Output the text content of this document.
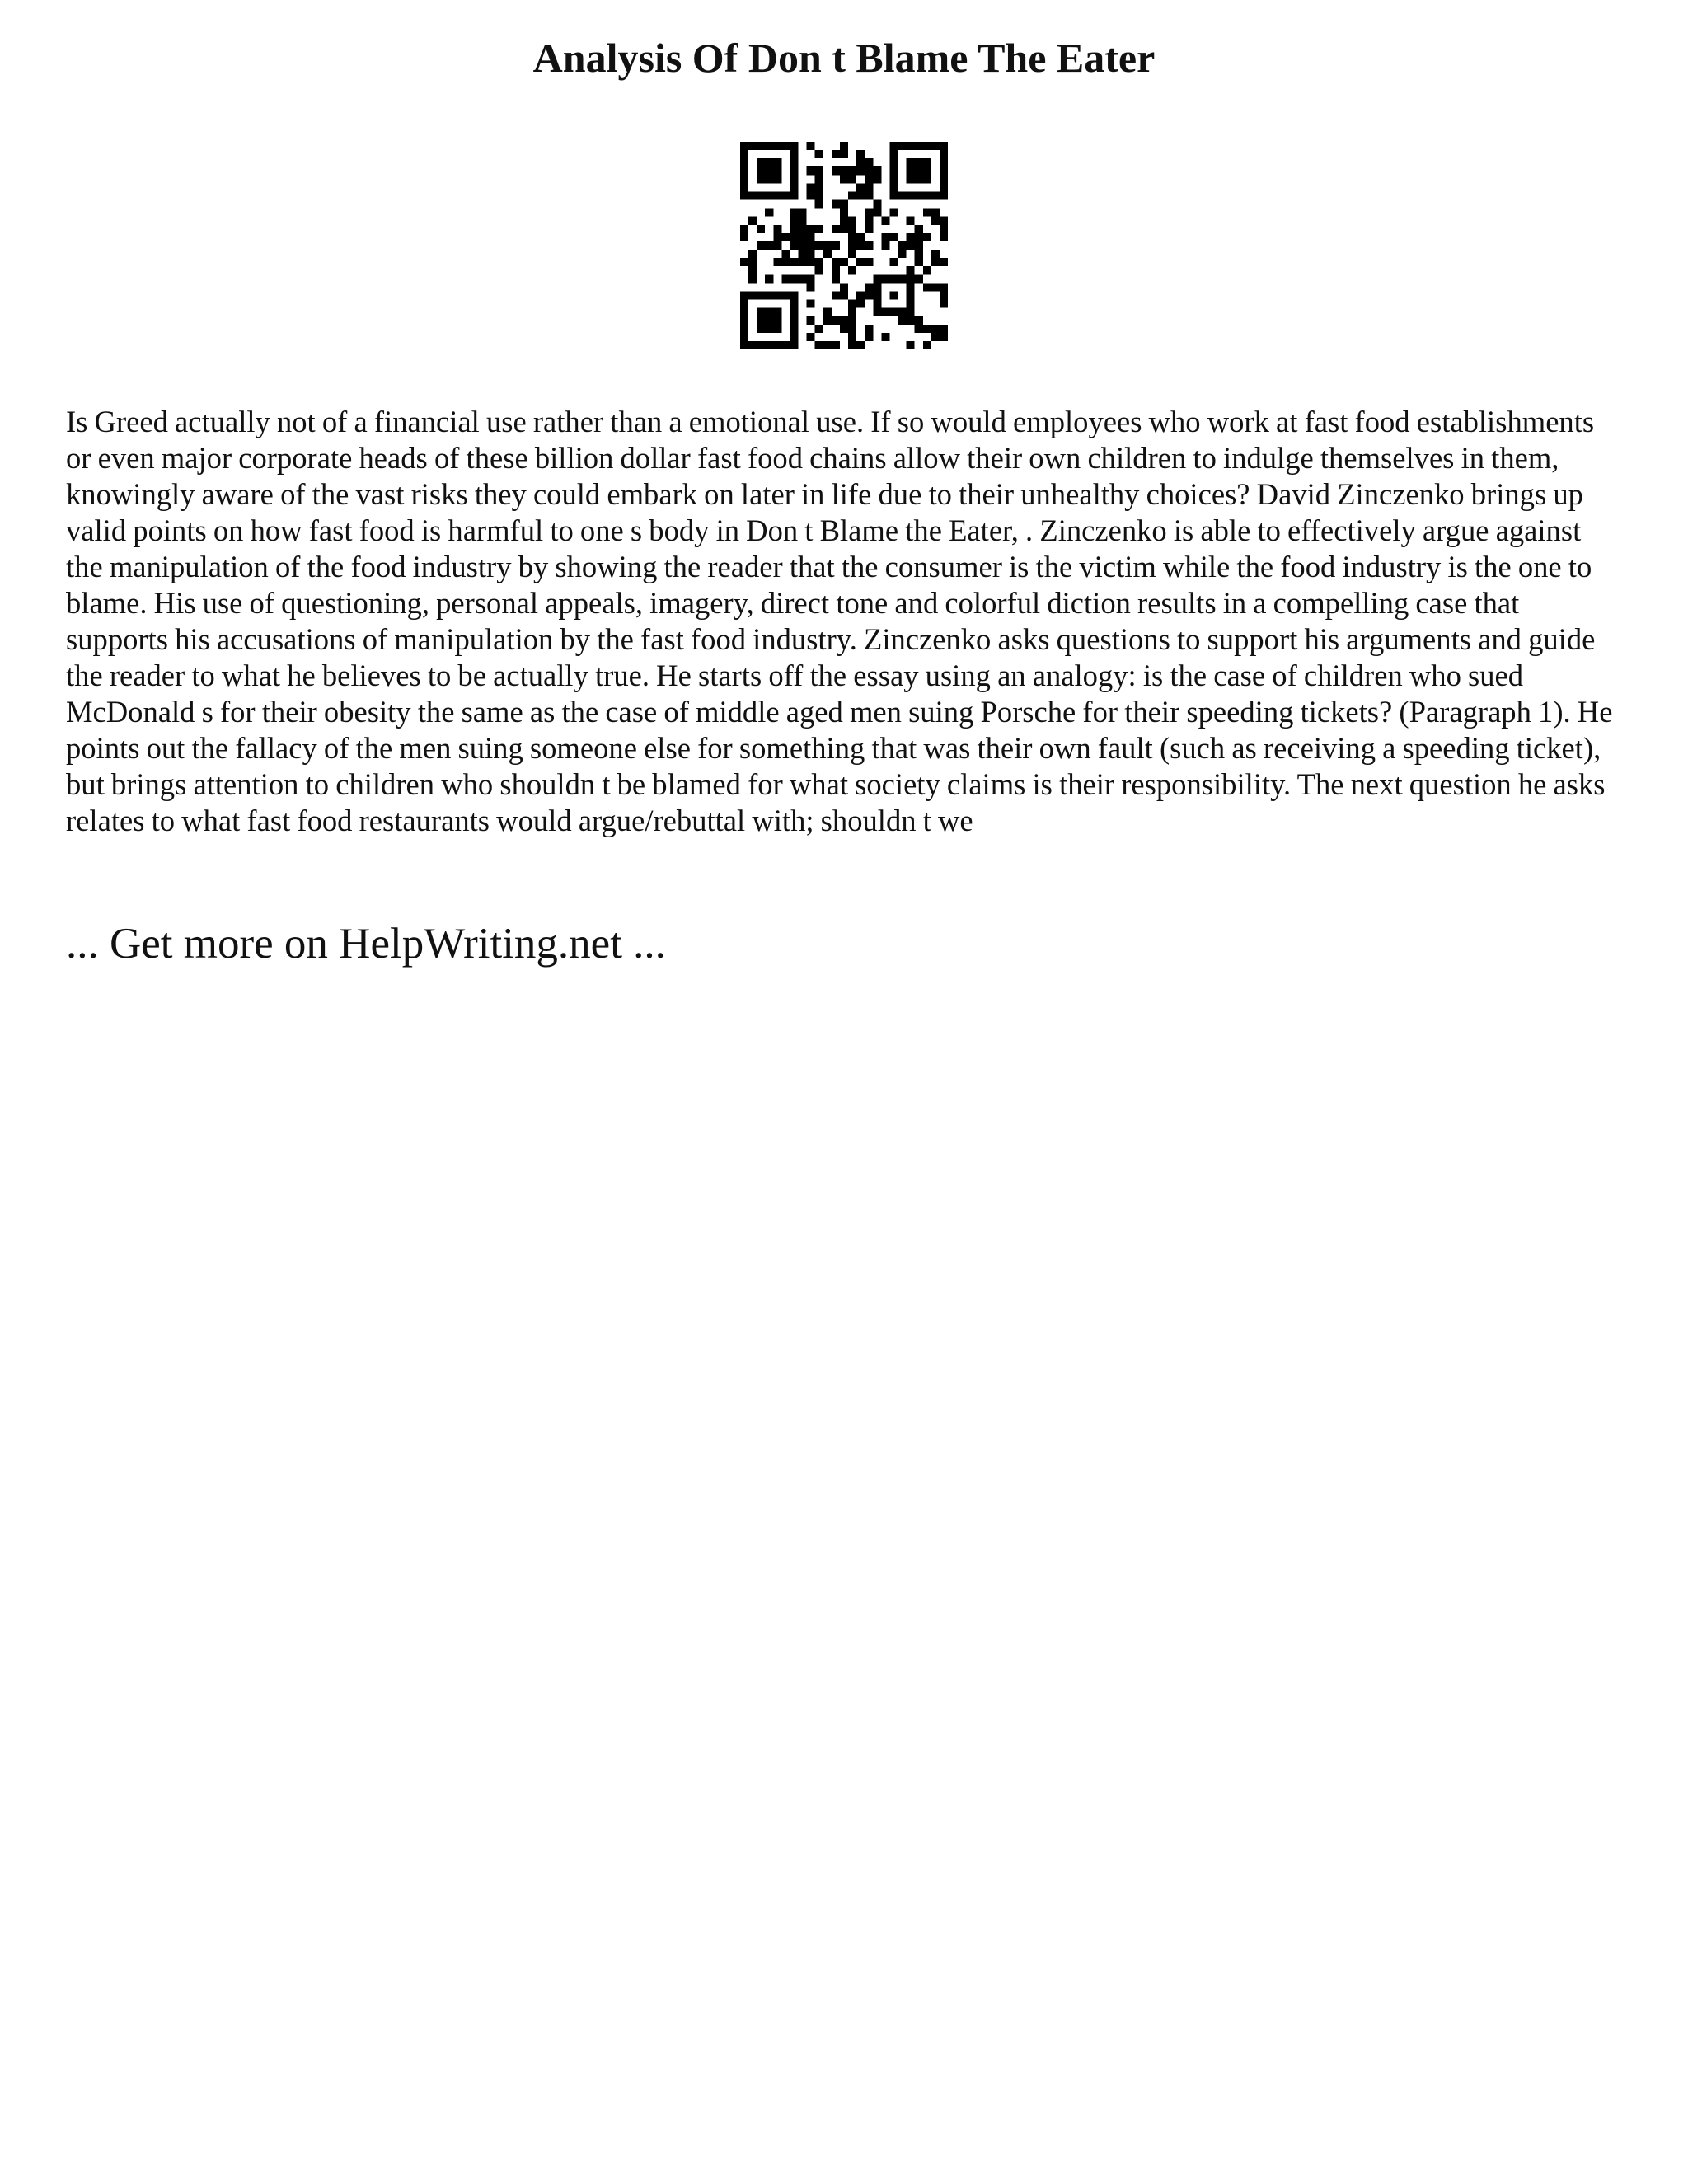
Analysis Of Don t Blame The Eater

Is Greed actually not of a financial use rather than a emotional use. If so would employees who work at fast food establishments or even major corporate heads of these billion dollar fast food chains allow their own children to indulge themselves in them, knowingly aware of the vast risks they could embark on later in life due to their unhealthy choices? David Zinczenko brings up valid points on how fast food is harmful to one s body in Don t Blame the Eater, . Zinczenko is able to effectively argue against the manipulation of the food industry by showing the reader that the consumer is the victim while the food industry is the one to blame. His use of questioning, personal appeals, imagery, direct tone and colorful diction results in a compelling case that supports his accusations of manipulation by the fast food industry. Zinczenko asks questions to support his arguments and guide the reader to what he believes to be actually true. He starts off the essay using an analogy: is the case of children who sued McDonald s for their obesity the same as the case of middle aged men suing Porsche for their speeding tickets? (Paragraph 1). He points out the fallacy of the men suing someone else for something that was their own fault (such as receiving a speeding ticket), but brings attention to children who shouldn t be blamed for what society claims is their responsibility. The next question he asks relates to what fast food restaurants would argue/rebuttal with; shouldn t we

... Get more on HelpWriting.net ...
